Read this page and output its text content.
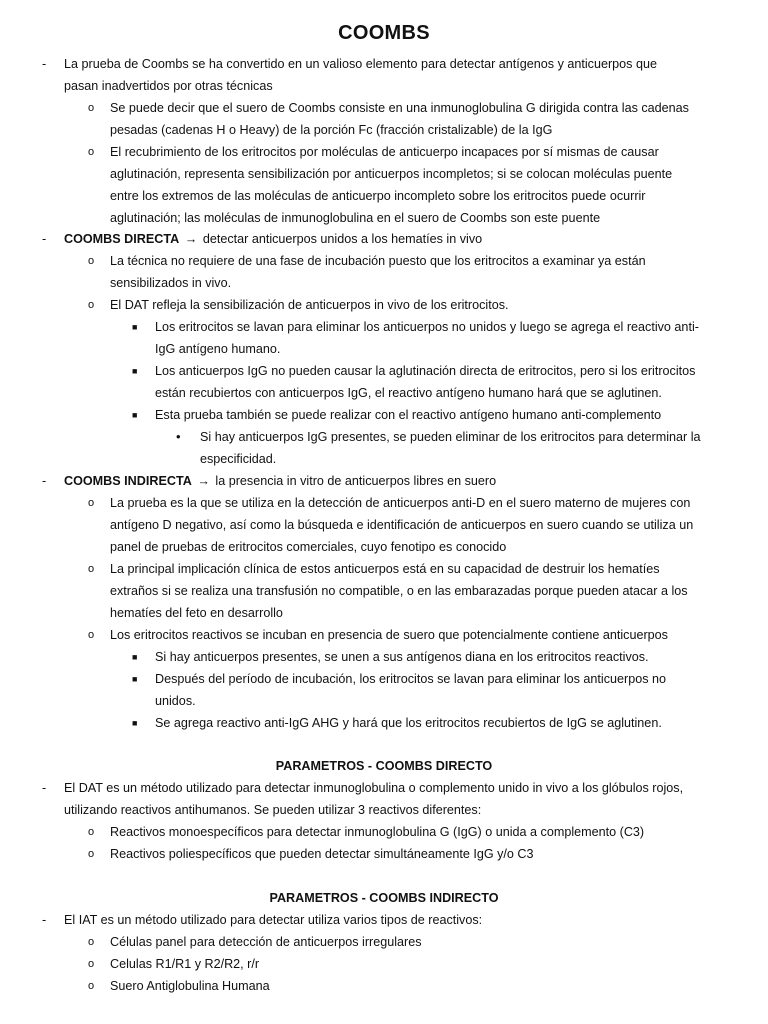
COOMBS
-	La prueba de Coombs se ha convertido en un valioso elemento para detectar antígenos y anticuerpos que
pasan inadvertidos por otras técnicas
o	Se puede decir que el suero de Coombs consiste en una inmunoglobulina G dirigida contra las cadenas
pesadas (cadenas H o Heavy) de la porción Fc (fracción cristalizable) de la IgG
o	El recubrimiento de los eritrocitos por moléculas de anticuerpo incapaces por sí mismas de causar
aglutinación, representa sensibilización por anticuerpos incompletos; si se colocan moléculas puente
entre los extremos de las moléculas de anticuerpo incompleto sobre los eritrocitos puede ocurrir
aglutinación; las moléculas de inmunoglobulina en el suero de Coombs son este puente
-	COOMBS DIRECTA → detectar anticuerpos unidos a los hematíes in vivo
o	La técnica no requiere de una fase de incubación puesto que los eritrocitos a examinar ya están
sensibilizados in vivo.
o	El DAT refleja la sensibilización de anticuerpos in vivo de los eritrocitos.
■	Los eritrocitos se lavan para eliminar los anticuerpos no unidos y luego se agrega el reactivo anti-
IgG antígeno humano.
■	Los anticuerpos IgG no pueden causar la aglutinación directa de eritrocitos, pero si los eritrocitos
están recubiertos con anticuerpos IgG, el reactivo antígeno humano hará que se aglutinen.
■	Esta prueba también se puede realizar con el reactivo antígeno humano anti-complemento
•	Si hay anticuerpos IgG presentes, se pueden eliminar de los eritrocitos para determinar la
especificidad.
-	COOMBS INDIRECTA → la presencia in vitro de anticuerpos libres en suero
o	La prueba es la que se utiliza en la detección de anticuerpos anti-D en el suero materno de mujeres con
antígeno D negativo, así como la búsqueda e identificación de anticuerpos en suero cuando se utiliza un
panel de pruebas de eritrocitos comerciales, cuyo fenotipo es conocido
o	La principal implicación clínica de estos anticuerpos está en su capacidad de destruir los hematíes
extraños si se realiza una transfusión no compatible, o en las embarazadas porque pueden atacar a los
hematíes del feto en desarrollo
o	Los eritrocitos reactivos se incuban en presencia de suero que potencialmente contiene anticuerpos
■	Si hay anticuerpos presentes, se unen a sus antígenos diana en los eritrocitos reactivos.
■	Después del período de incubación, los eritrocitos se lavan para eliminar los anticuerpos no
unidos.
■	Se agrega reactivo anti-IgG AHG y hará que los eritrocitos recubiertos de IgG se aglutinen.
PARAMETROS - COOMBS DIRECTO
-	El DAT es un método utilizado para detectar inmunoglobulina o complemento unido in vivo a los glóbulos rojos,
utilizando reactivos antihumanos. Se pueden utilizar 3 reactivos diferentes:
o	Reactivos monoespecíficos para detectar inmunoglobulina G (IgG) o unida a complemento (C3)
o	Reactivos poliespecíficos que pueden detectar simultáneamente IgG y/o C3
PARAMETROS - COOMBS INDIRECTO
-	El IAT es un método utilizado para detectar utiliza varios tipos de reactivos:
o	Células panel para detección de anticuerpos irregulares
o	Celulas R1/R1 y R2/R2, r/r
o	Suero Antiglobulina Humana
